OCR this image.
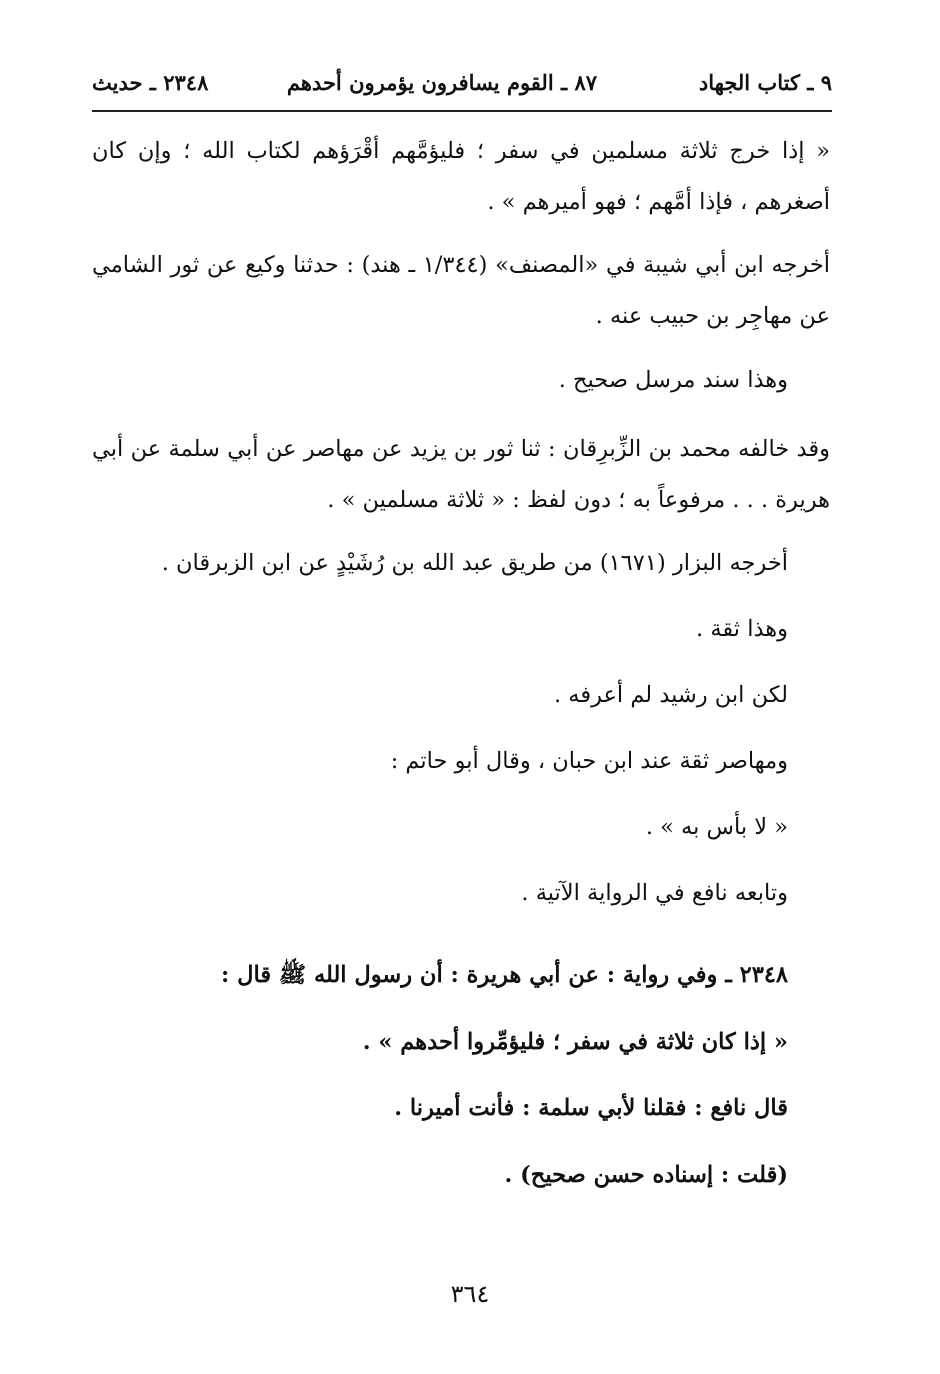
٩ ـ كتاب الجهاد
٨٧ ـ القوم يسافرون يؤمرون أحدهم
٢٣٤٨ ـ حديث
« إذا خرج ثلاثة مسلمين في سفر ؛ فليؤمَّهم أقْرَؤهم لكتاب الله ؛ وإن كان أصغرهم ، فإذا أمَّهم ؛ فهو أميرهم » .
أخرجه ابن أبي شيبة في «المصنف» (١/٣٤٤ ـ هند) : حدثنا وكيع عن ثور الشامي عن مهاجِر بن حبيب عنه .
وهذا سند مرسل صحيح .
وقد خالفه محمد بن الزِّبرِقان : ثنا ثور بن يزيد عن مهاصر عن أبي سلمة عن أبي هريرة . . . مرفوعاً به ؛ دون لفظ : « ثلاثة مسلمين » .
أخرجه البزار (١٦٧١) من طريق عبد الله بن رُشَيْدٍ عن ابن الزبرقان .
وهذا ثقة .
لكن ابن رشيد لم أعرفه .
ومهاصر ثقة عند ابن حبان ، وقال أبو حاتم :
« لا بأس به » .
وتابعه نافع في الرواية الآتية .
٢٣٤٨ ـ وفي رواية : عن أبي هريرة : أن رسول الله ﷺ قال :
« إذا كان ثلاثة في سفر ؛ فليؤمِّروا أحدهم » .
قال نافع : فقلنا لأبي سلمة : فأنت أميرنا .
(قلت : إسناده حسن صحيح) .
٣٦٤
